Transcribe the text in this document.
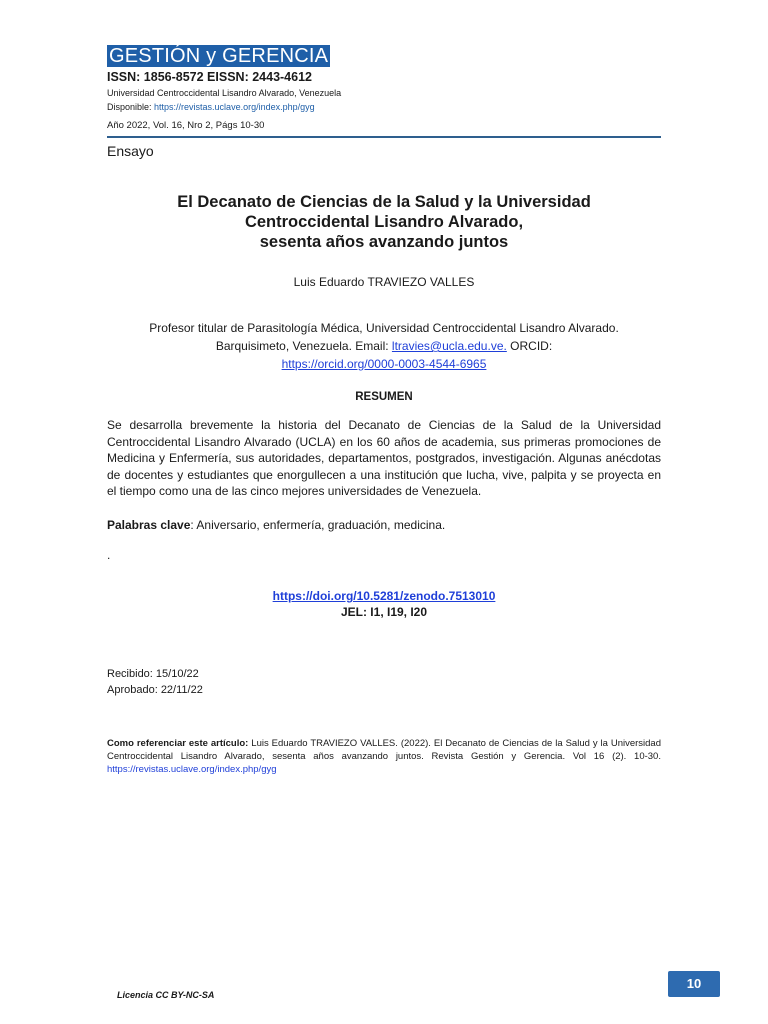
GESTIÓN y GERENCIA
ISSN: 1856-8572 EISSN: 2443-4612
Universidad Centroccidental Lisandro Alvarado, Venezuela
Disponible: https://revistas.uclave.org/index.php/gyg
Año 2022, Vol. 16, Nro 2, Págs 10-30
Ensayo
El Decanato de Ciencias de la Salud y la Universidad
Centroccidental Lisandro Alvarado,
sesenta años avanzando juntos
Luis Eduardo TRAVIEZO VALLES
Profesor titular de Parasitología Médica, Universidad Centroccidental Lisandro Alvarado.
Barquisimeto, Venezuela. Email: ltravies@ucla.edu.ve. ORCID:
https://orcid.org/0000-0003-4544-6965
RESUMEN
Se desarrolla brevemente la historia del Decanato de Ciencias de la Salud de la Universidad Centroccidental Lisandro Alvarado (UCLA) en los 60 años de academia, sus primeras promociones de Medicina y Enfermería, sus autoridades, departamentos, postgrados, investigación. Algunas anécdotas de docentes y estudiantes que enorgullecen a una institución que lucha, vive, palpita y se proyecta en el tiempo como una de las cinco mejores universidades de Venezuela.
Palabras clave: Aniversario, enfermería, graduación, medicina.
.
https://doi.org/10.5281/zenodo.7513010
JEL: I1, I19, I20
Recibido: 15/10/22
Aprobado: 22/11/22
Como referenciar este artículo: Luis Eduardo TRAVIEZO VALLES. (2022). El Decanato de Ciencias de la Salud y la Universidad Centroccidental Lisandro Alvarado, sesenta años avanzando juntos. Revista Gestión y Gerencia. Vol 16 (2). 10-30. https://revistas.uclave.org/index.php/gyg
Licencia CC BY-NC-SA
10
